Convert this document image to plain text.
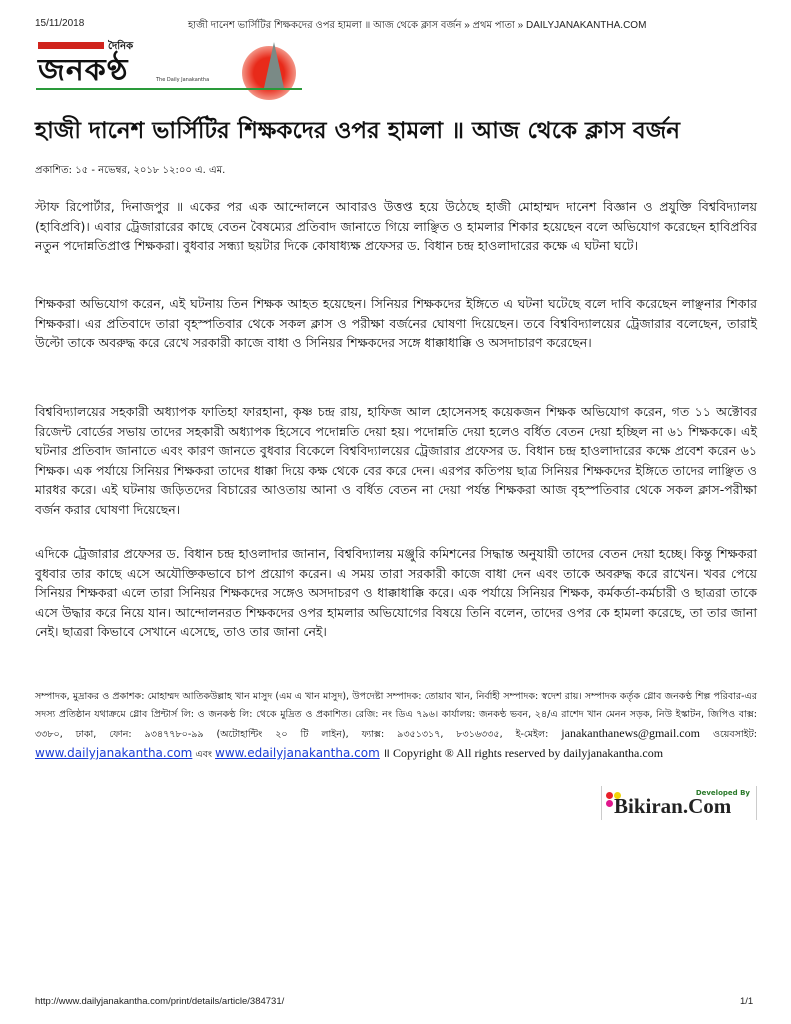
15/11/2018	হাজী দানেশ ভার্সিটির শিক্ষকদের ওপর হামলা ॥ আজ থেকে ক্লাস বর্জন » প্রথম পাতা » DAILYJANAKANTHA.COM
দৈনিক
জনকণ্ঠ	The Daily Janakantha
হাজী দানেশ ভার্সিটির শিক্ষকদের ওপর হামলা ॥ আজ থেকে ক্লাস বর্জন
প্রকাশিত: ১৫ - নভেম্বর, ২০১৮ ১২:০০ এ. এম.

স্টাফ রিপোর্টার, দিনাজপুর ॥ একের পর এক আন্দোলনে আবারও উত্তপ্ত হয়ে উঠেছে হাজী মোহাম্মদ দানেশ বিজ্ঞান ও প্রযুক্তি বিশ্ববিদ্যালয় (হাবিপ্রবি)। এবার ট্রেজারারের কাছে বেতন বৈষম্যের প্রতিবাদ জানাতে গিয়ে লাঞ্ছিত ও হামলার শিকার হয়েছেন বলে অভিযোগ করেছেন হাবিপ্রবির নতুন পদোন্নতিপ্রাপ্ত শিক্ষকরা। বুধবার সন্ধ্যা ছয়টার দিকে কোষাধ্যক্ষ প্রফেসর ড. বিধান চন্দ্র হাওলাদারের কক্ষে এ ঘটনা ঘটে।

শিক্ষকরা অভিযোগ করেন, এই ঘটনায় তিন শিক্ষক আহত হয়েছেন। সিনিয়র শিক্ষকদের ইঙ্গিতে এ ঘটনা ঘটেছে বলে দাবি করেছেন লাঞ্ছনার শিকার শিক্ষকরা। এর প্রতিবাদে তারা বৃহস্পতিবার থেকে সকল ক্লাস ও পরীক্ষা বর্জনের ঘোষণা দিয়েছেন। তবে বিশ্ববিদ্যালয়ের ট্রেজারার বলেছেন, তারাই উল্টো তাকে অবরুদ্ধ করে রেখে সরকারী কাজে বাধা ও সিনিয়র শিক্ষকদের সঙ্গে ধাক্কাধাক্কি ও অসদাচারণ করেছেন।

বিশ্ববিদ্যালয়ের সহকারী অধ্যাপক ফাতিহা ফারহানা, কৃষ্ণ চন্দ্র রায়, হাফিজ আল হোসেনসহ কয়েকজন শিক্ষক অভিযোগ করেন, গত ১১ অক্টোবর রিজেন্ট বোর্ডের সভায় তাদের সহকারী অধ্যাপক হিসেবে পদোন্নতি দেয়া হয়। পদোন্নতি দেয়া হলেও বর্ধিত বেতন দেয়া হচ্ছিল না ৬১ শিক্ষককে। এই ঘটনার প্রতিবাদ জানাতে এবং কারণ জানতে বুধবার বিকেলে বিশ্ববিদ্যালয়ের ট্রেজারার প্রফেসর ড. বিধান চন্দ্র হাওলাদারের কক্ষে প্রবেশ করেন ৬১ শিক্ষক। এক পর্যায়ে সিনিয়র শিক্ষকরা তাদের ধাক্কা দিয়ে কক্ষ থেকে বের করে দেন। এরপর কতিপয় ছাত্র সিনিয়র শিক্ষকদের ইঙ্গিতে তাদের লাঞ্ছিত ও মারধর করে। এই ঘটনায় জড়িতদের বিচারের আওতায় আনা ও বর্ধিত বেতন না দেয়া পর্যন্ত শিক্ষকরা আজ বৃহস্পতিবার থেকে সকল ক্লাস-পরীক্ষা বর্জন করার ঘোষণা দিয়েছেন।

এদিকে ট্রেজারার প্রফেসর ড. বিধান চন্দ্র হাওলাদার জানান, বিশ্ববিদ্যালয় মঞ্জুরি কমিশনের সিদ্ধান্ত অনুযায়ী তাদের বেতন দেয়া হচ্ছে। কিন্তু শিক্ষকরা বুধবার তার কাছে এসে অযৌক্তিকভাবে চাপ প্রয়োগ করেন। এ সময় তারা সরকারী কাজে বাধা দেন এবং তাকে অবরুদ্ধ করে রাখেন। খবর পেয়ে সিনিয়র শিক্ষকরা এলে তারা সিনিয়র শিক্ষকদের সঙ্গেও অসদাচরণ ও ধাক্কাধাক্কি করে। এক পর্যায়ে সিনিয়র শিক্ষক, কর্মকর্তা-কর্মচারী ও ছাত্ররা তাকে এসে উদ্ধার করে নিয়ে যান। আন্দোলনরত শিক্ষকদের ওপর হামলার অভিযোগের বিষয়ে তিনি বলেন, তাদের ওপর কে হামলা করেছে, তা তার জানা নেই। ছাত্ররা কিভাবে সেখানে এসেছে, তাও তার জানা নেই।

সম্পাদক, মুদ্রাকর ও প্রকাশক: মোহাম্মদ আতিকউল্লাহ খান মাসুদ (এম এ খান মাসুদ), উপদেষ্টা সম্পাদক: তোয়াব খান, নির্বাহী সম্পাদক: স্বদেশ রায়। সম্পাদক কর্তৃক গ্লোব জনকণ্ঠ শিল্প পরিবার-এর সদস্য প্রতিষ্ঠান যথাক্রমে গ্লোব প্রিন্টার্স লি: ও জনকণ্ঠ লি: থেকে মুদ্রিত ও প্রকাশিত। রেজি: নং ডিএ ৭৯৬। কার্যালয়: জনকণ্ঠ ভবন, ২৪/এ রাশেদ খান মেনন সড়ক, নিউ ইস্কাটন, জিপিও বাক্স: ৩৩৮০, ঢাকা, ফোন: ৯৩৪৭৭৮০-৯৯ (অটোহান্টিং ২০ টি লাইন), ফ্যাক্স: ৯৩৫১৩১৭, ৮৩১৬৩৩৫, ই-মেইল: janakanthanews@gmail.com ওয়েবসাইট: www.dailyjanakantha.com এবং www.edailyjanakantha.com ॥ Copyright ® All rights reserved by dailyjanakantha.com
Developed By
Bikiran.Com
http://www.dailyjanakantha.com/print/details/article/384731/	1/1
